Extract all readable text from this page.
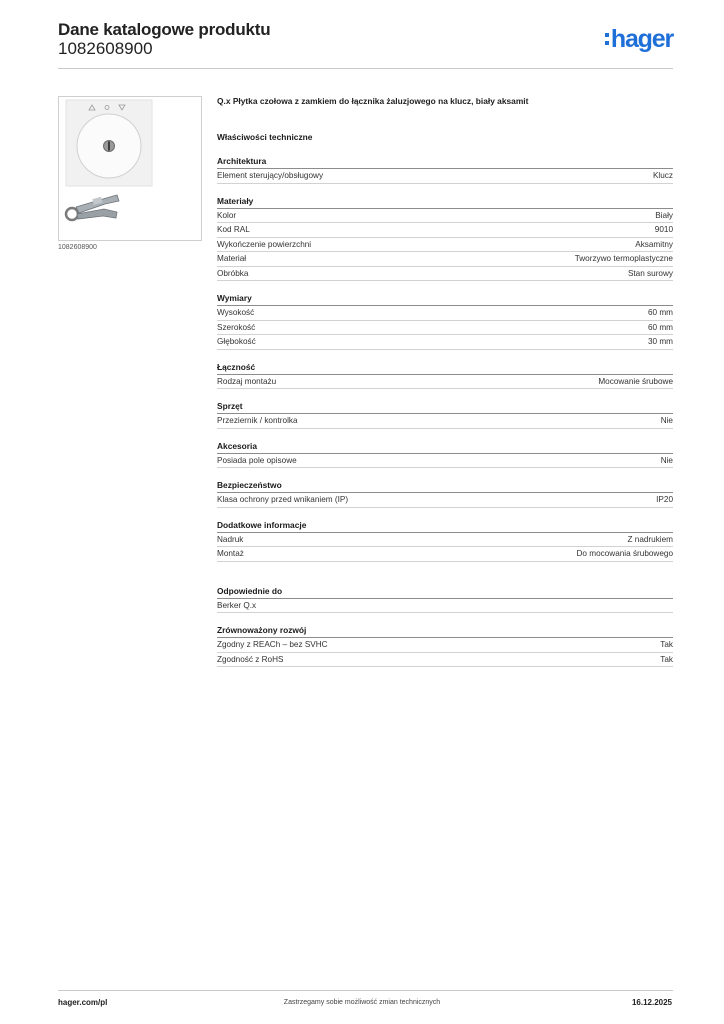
Dane katalogowe produktu
1082608900	hager
1082608900
Q.x Płytka czołowa z zamkiem do łącznika żaluzjowego na klucz, biały aksamit
Właściwości techniczne
Architektura
Element sterujący/obsługowy	Klucz
Materiały
Kolor	Biały
Kod RAL	9010
Wykończenie powierzchni	Aksamitny
Materiał	Tworzywo termoplastyczne
Obróbka	Stan surowy
Wymiary
Wysokość	60 mm
Szerokość	60 mm
Głębokość	30 mm
Łączność
Rodzaj montażu	Mocowanie śrubowe
Sprzęt
Przeziernik / kontrolka	Nie
Akcesoria
Posiada pole opisowe	Nie
Bezpieczeństwo
Klasa ochrony przed wnikaniem (IP)	IP20
Dodatkowe informacje
Nadruk	Z nadrukiem
Montaż	Do mocowania śrubowego
Odpowiednie do
Berker Q.x
Zrównoważony rozwój
Zgodny z REACh – bez SVHC	Tak
Zgodność z RoHS	Tak
hager.com/pl	Zastrzegamy sobie możliwość zmian technicznych	16.12.2025
